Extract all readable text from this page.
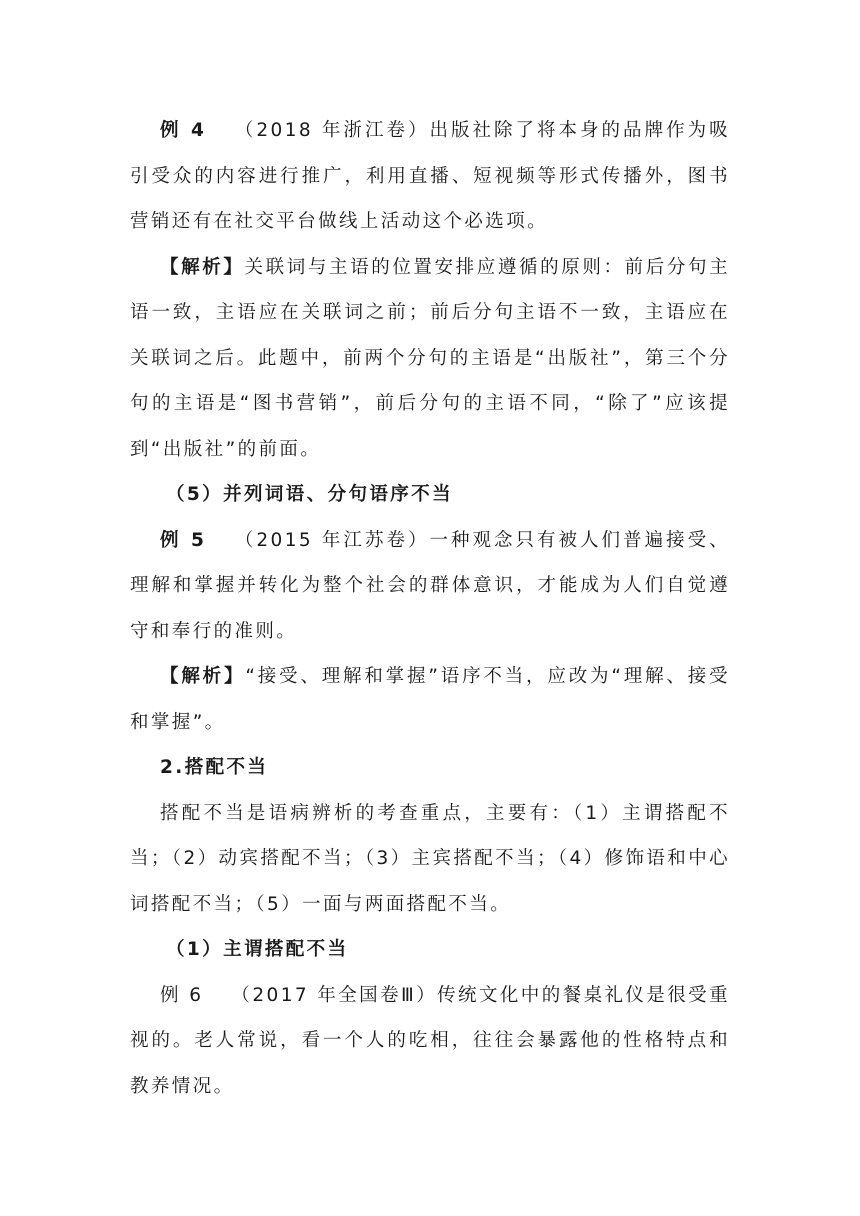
例 4 （2018 年浙江卷）出版社除了将本身的品牌作为吸引受众的内容进行推广，利用直播、短视频等形式传播外，图书营销还有在社交平台做线上活动这个必选项。

【解析】关联词与主语的位置安排应遵循的原则：前后分句主语一致，主语应在关联词之前；前后分句主语不一致，主语应在关联词之后。此题中，前两个分句的主语是“出版社”，第三个分句的主语是“图书营销”，前后分句的主语不同，“除了”应该提到“出版社”的前面。

（5）并列词语、分句语序不当

例 5 （2015 年江苏卷）一种观念只有被人们普遍接受、理解和掌握并转化为整个社会的群体意识，才能成为人们自觉遵守和奉行的准则。

【解析】“接受、理解和掌握”语序不当，应改为“理解、接受和掌握”。

2.搭配不当

搭配不当是语病辨析的考查重点，主要有：（1）主谓搭配不当；（2）动宾搭配不当；（3）主宾搭配不当；（4）修饰语和中心词搭配不当；（5）一面与两面搭配不当。

（1）主谓搭配不当

例 6 （2017 年全国卷Ⅲ）传统文化中的餐桌礼仪是很受重视的。老人常说，看一个人的吃相，往往会暴露他的性格特点和教养情况。
